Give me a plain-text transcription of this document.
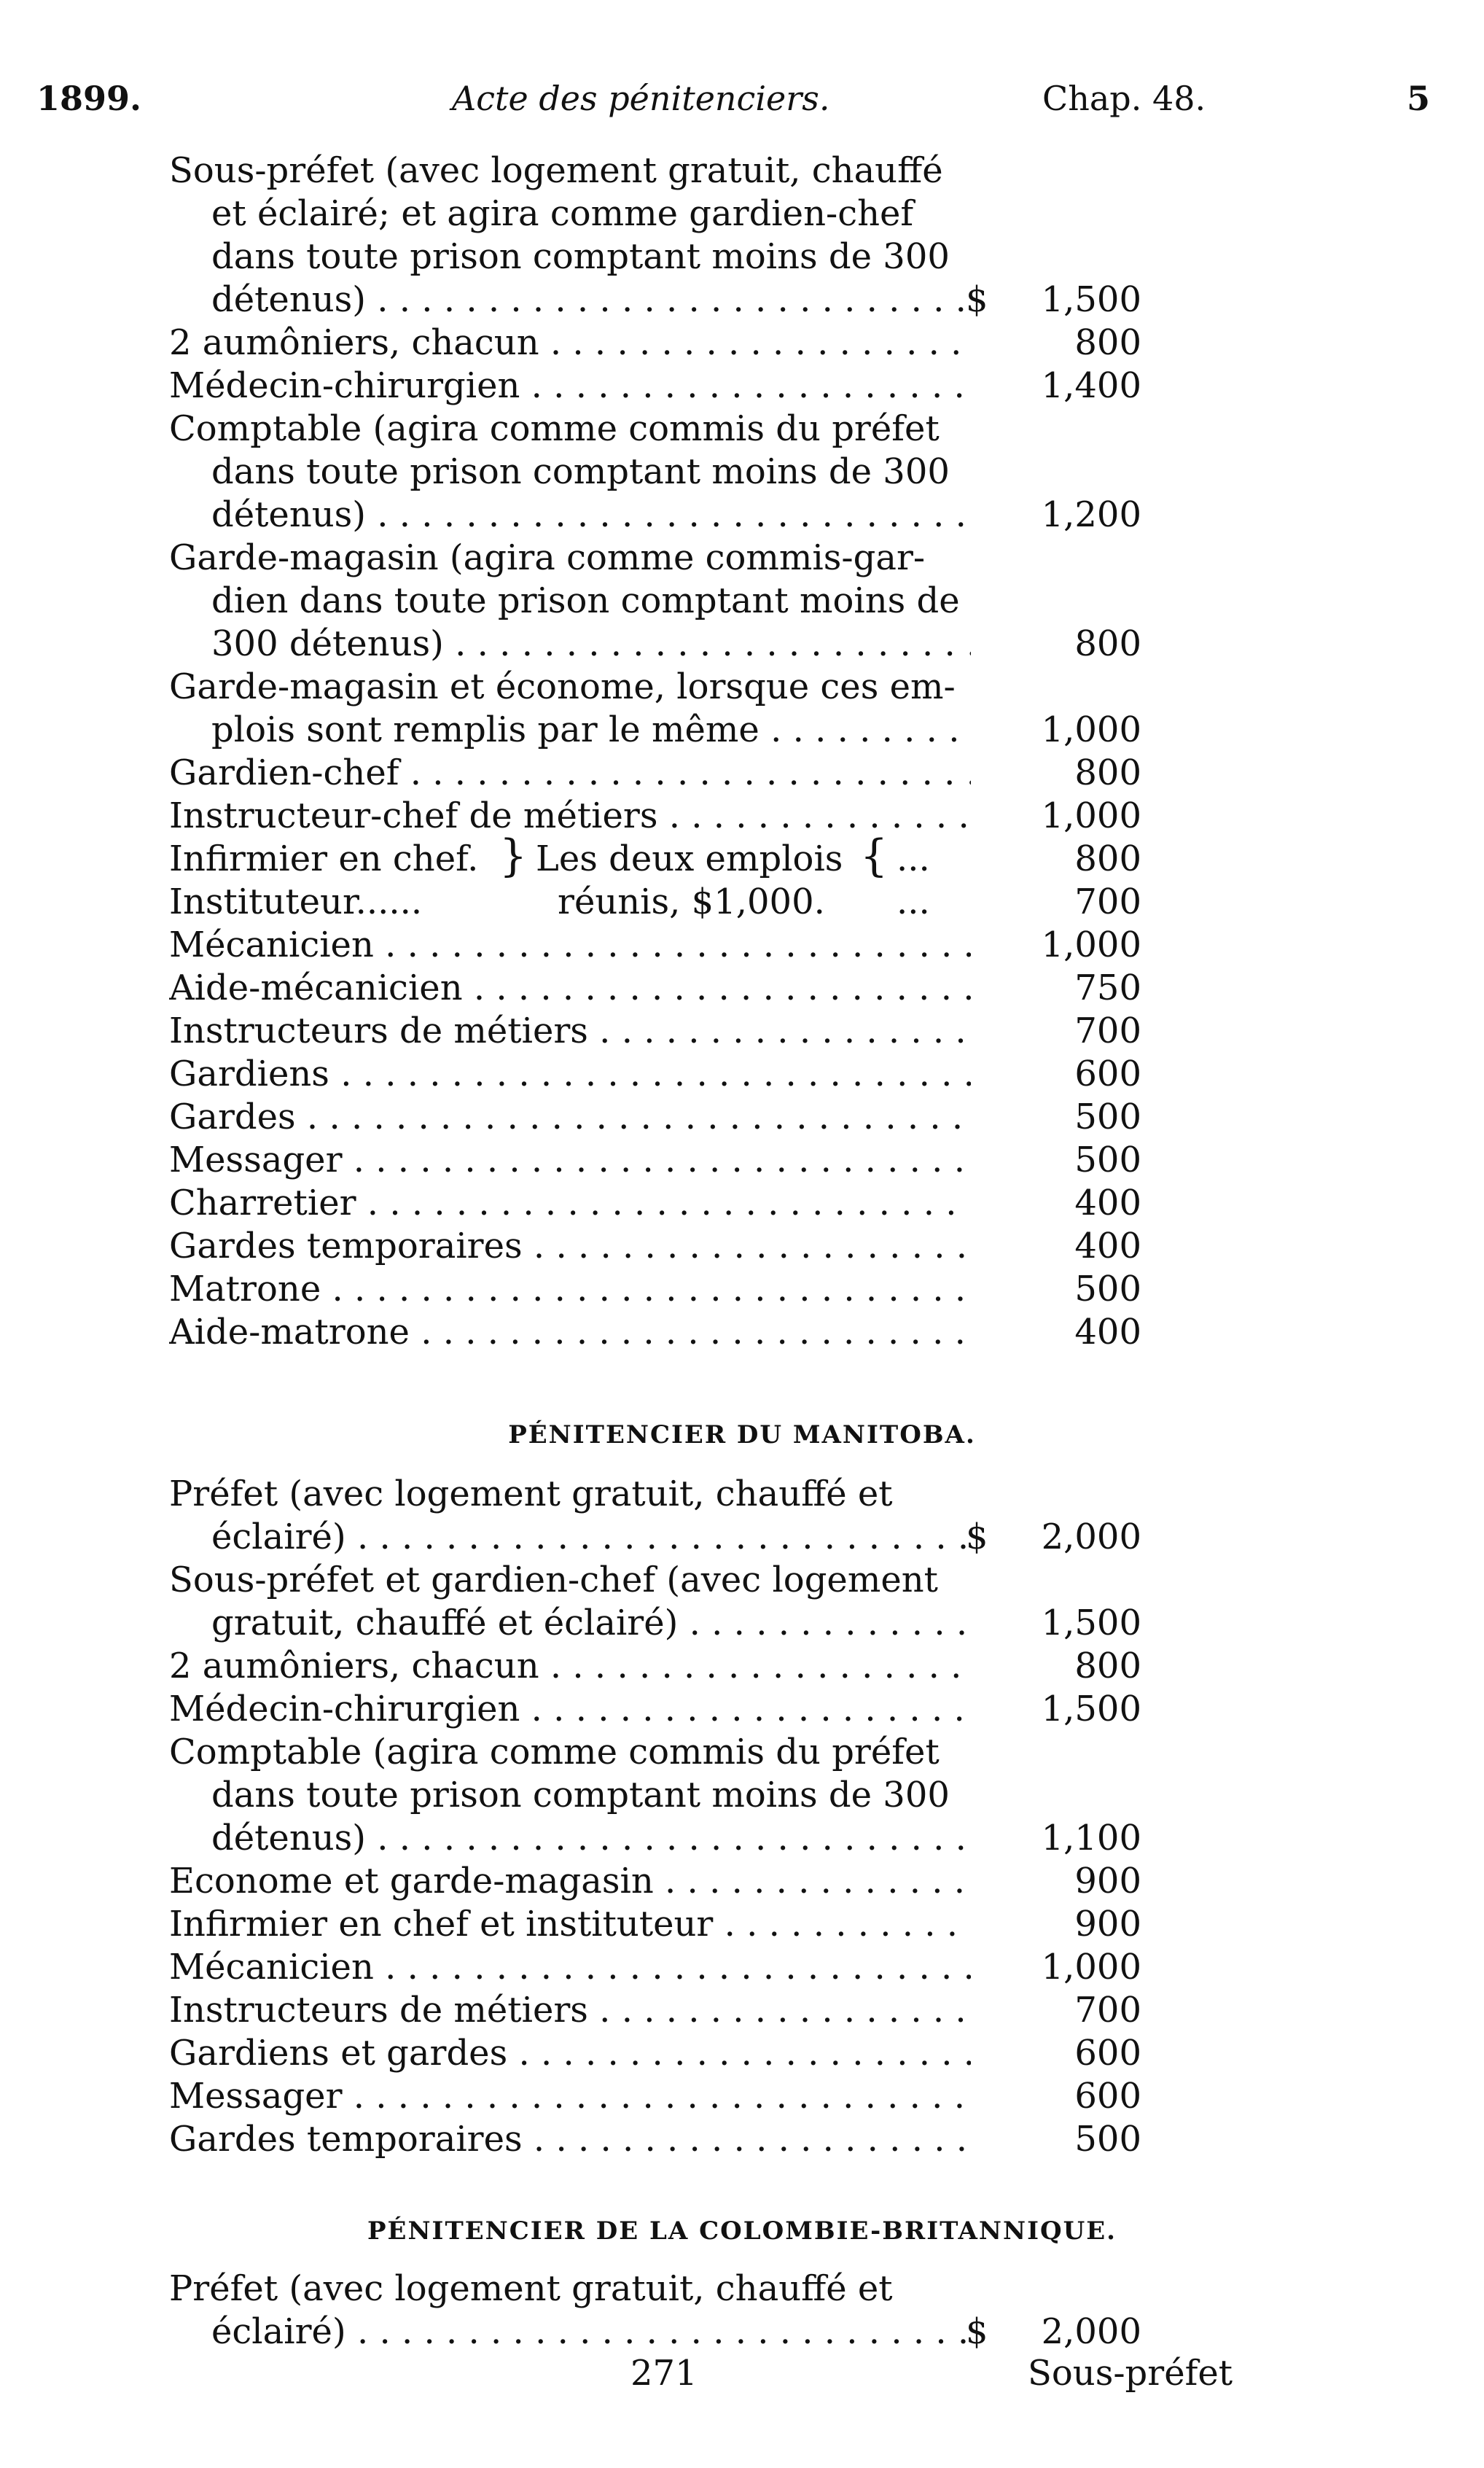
1899.	Acte des pénitenciers.	Chap. 48.	5
Sous-préfet (avec logement gratuit, chauffé
et éclairé; et agira comme gardien-chef
dans toute prison comptant moins de 300
détenus) . . .	$ 1,500
2 aumôniers, chacun . . .	800
Médecin-chirurgien . . .	1,400
Comptable (agira comme commis du préfet
dans toute prison comptant moins de 300
détenus) . . .	1,200
Garde-magasin (agira comme commis-gar-
dien dans toute prison comptant moins de
300 détenus) . . .	800
Garde-magasin et économe, lorsque ces em-
plois sont remplis par le même . . .	1,000
Gardien-chef . . .	800
Instructeur-chef de métiers . . .	1,000
Infirmier en chef. } Les deux emplois { ...	800
Instituteur......	réunis, $1,000. ...	700
Mécanicien . . .	1,000
Aide-mécanicien . . .	750
Instructeurs de métiers . . .	700
Gardiens . . .	600
Gardes . . .	500
Messager . . .	500
Charretier . . .	400
Gardes temporaires . . .	400
Matrone . . .	500
Aide-matrone . . .	400
PÉNITENCIER DU MANITOBA.
Préfet (avec logement gratuit, chauffé et
éclairé) . . .	$ 2,000
Sous-préfet et gardien-chef (avec logement
gratuit, chauffé et éclairé) . . .	1,500
2 aumôniers, chacun . . .	800
Médecin-chirurgien . . .	1,500
Comptable (agira comme commis du préfet
dans toute prison comptant moins de 300
détenus) . . .	1,100
Econome et garde-magasin . . .	900
Infirmier en chef et instituteur . . .	900
Mécanicien . . .	1,000
Instructeurs de métiers . . .	700
Gardiens et gardes . . .	600
Messager . . .	600
Gardes temporaires . . .	500
PÉNITENCIER DE LA COLOMBIE-BRITANNIQUE.
Préfet (avec logement gratuit, chauffé et
éclairé) . . .	$ 2,000
271	Sous-préfet
